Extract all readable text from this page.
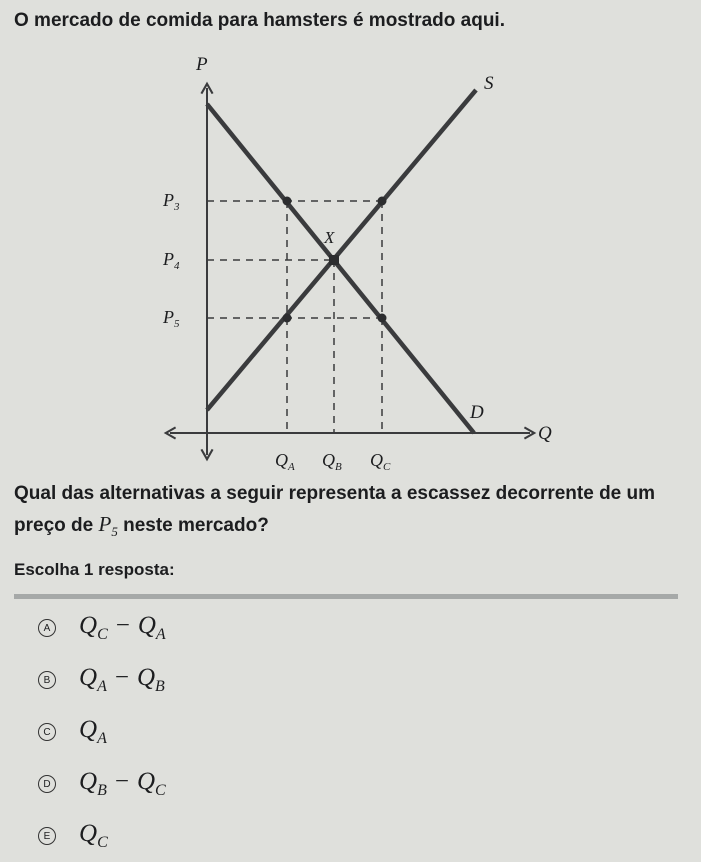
O mercado de comida para hamsters é mostrado aqui.

P
S
D
Q
X
$P_3$
$P_4$
$P_5$
$Q_A$ $Q_B$ $Q_C$

Qual das alternativas a seguir representa a escassez decorrente de um preço de $P_5$ neste mercado?

Escolha 1 resposta:

A $Q_C - Q_A$
B $Q_A - Q_B$
C $Q_A$
D $Q_B - Q_C$
E $Q_C$
